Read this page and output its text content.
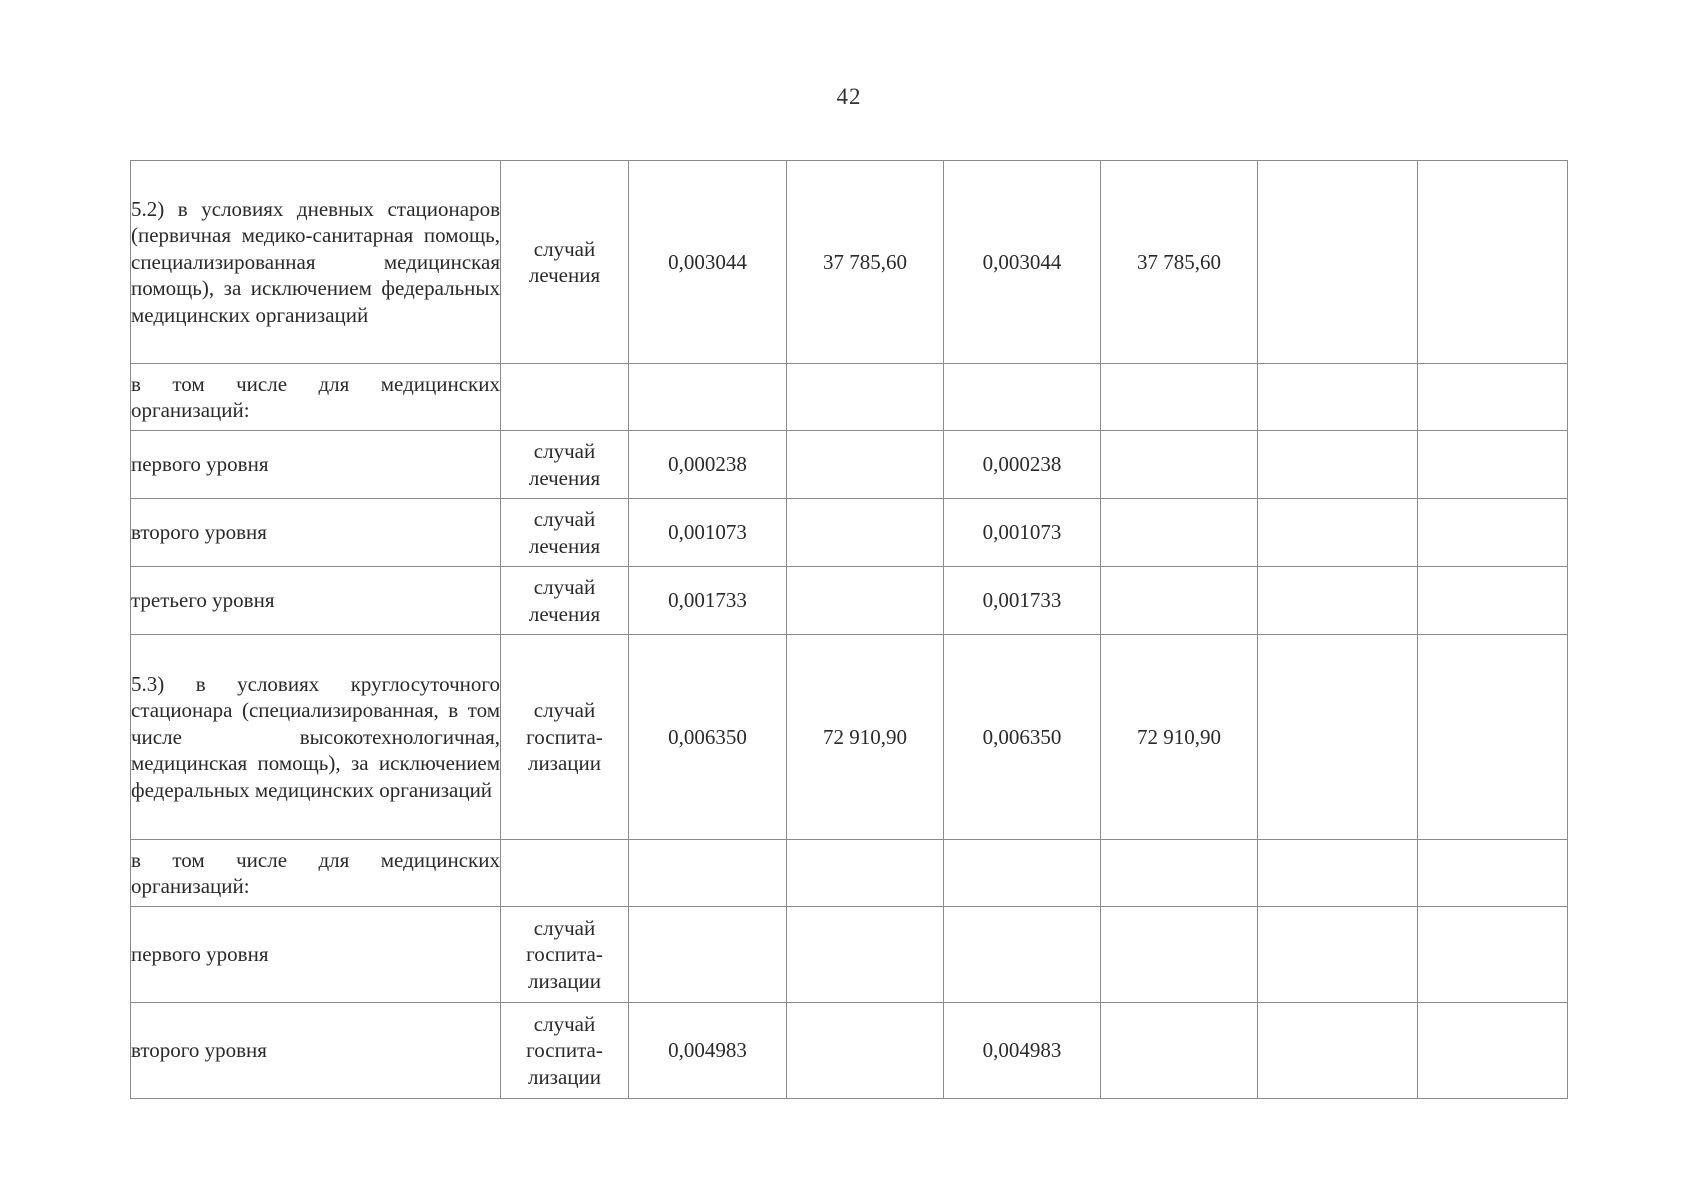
42
5.2) в условиях дневных стационаров (первичная медико-санитарная помощь, специализированная медицинская помощь), за исключением федеральных медицинских организаций	случай лечения	0,003044	37 785,60	0,003044	37 785,60		
в том числе для медицинских организаций:							
первого уровня	случай лечения	0,000238		0,000238			
второго уровня	случай лечения	0,001073		0,001073			
третьего уровня	случай лечения	0,001733		0,001733			
5.3) в условиях круглосуточного стационара (специализированная, в том числе высокотехнологичная, медицинская помощь), за исключением федеральных медицинских организаций	случай госпита-лизации	0,006350	72 910,90	0,006350	72 910,90		
в том числе для медицинских организаций:							
первого уровня	случай госпита-лизации						
второго уровня	случай госпита-лизации	0,004983		0,004983			
